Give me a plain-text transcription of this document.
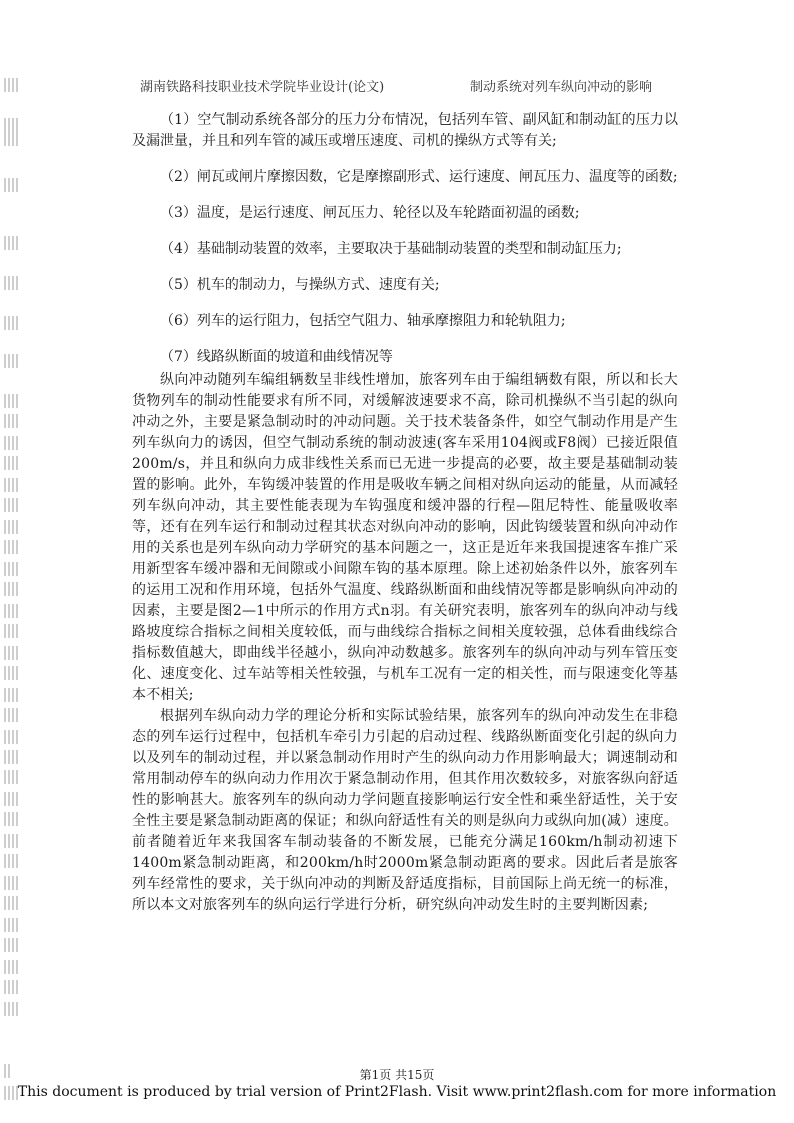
湖南铁路科技职业技术学院毕业设计(论文)	制动系统对列车纵向冲动的影响

（1）空气制动系统各部分的压力分布情况，包括列车管、副风缸和制动缸的压力以及漏泄量，并且和列车管的减压或增压速度、司机的操纵方式等有关;

（2）闸瓦或闸片摩擦因数，它是摩擦副形式、运行速度、闸瓦压力、温度等的函数;

（3）温度，是运行速度、闸瓦压力、轮径以及车轮踏面初温的函数;

（4）基础制动装置的效率，主要取决于基础制动装置的类型和制动缸压力;

（5）机车的制动力，与操纵方式、速度有关;

（6）列车的运行阻力，包括空气阻力、轴承摩擦阻力和轮轨阻力;

（7）线路纵断面的坡道和曲线情况等

纵向冲动随列车编组辆数呈非线性增加，旅客列车由于编组辆数有限，所以和长大货物列车的制动性能要求有所不同，对缓解波速要求不高，除司机操纵不当引起的纵向冲动之外，主要是紧急制动时的冲动问题。关于技术装备条件，如空气制动作用是产生列车纵向力的诱因，但空气制动系统的制动波速(客车采用104阀或F8阀）已接近限值200m/s，并且和纵向力成非线性关系而已无进一步提高的必要，故主要是基础制动装置的影响。此外，车钩缓冲装置的作用是吸收车辆之间相对纵向运动的能量，从而减轻列车纵向冲动，其主要性能表现为车钩强度和缓冲器的行程—阻尼特性、能量吸收率等，还有在列车运行和制动过程其状态对纵向冲动的影响，因此钩缓装置和纵向冲动作用的关系也是列车纵向动力学研究的基本问题之一，这正是近年来我国提速客车推广采用新型客车缓冲器和无间隙或小间隙车钩的基本原理。除上述初始条件以外，旅客列车的运用工况和作用环境，包括外气温度、线路纵断面和曲线情况等都是影响纵向冲动的因素，主要是图2—1中所示的作用方式n羽。有关研究表明，旅客列车的纵向冲动与线路坡度综合指标之间相关度较低，而与曲线综合指标之间相关度较强，总体看曲线综合指标数值越大，即曲线半径越小，纵向冲动数越多。旅客列车的纵向冲动与列车管压变化、速度变化、过车站等相关性较强，与机车工况有一定的相关性，而与限速变化等基本不相关;

根据列车纵向动力学的理论分析和实际试验结果，旅客列车的纵向冲动发生在非稳态的列车运行过程中，包括机车牵引力引起的启动过程、线路纵断面变化引起的纵向力以及列车的制动过程，并以紧急制动作用时产生的纵向动力作用影响最大；调速制动和常用制动停车的纵向动力作用次于紧急制动作用，但其作用次数较多，对旅客纵向舒适性的影响甚大。旅客列车的纵向动力学问题直接影响运行安全性和乘坐舒适性，关于安全性主要是紧急制动距离的保证；和纵向舒适性有关的则是纵向力或纵向加(减）速度。前者随着近年来我国客车制动装备的不断发展，已能充分满足160km/h制动初速下1400m紧急制动距离，和200km/h时2000m紧急制动距离的要求。因此后者是旅客列车经常性的要求，关于纵向冲动的判断及舒适度指标，目前国际上尚无统一的标准，所以本文对旅客列车的纵向运行学进行分析，研究纵向冲动发生时的主要判断因素;

第1页 共15页
This document is produced by trial version of Print2Flash. Visit www.print2flash.com for more information
